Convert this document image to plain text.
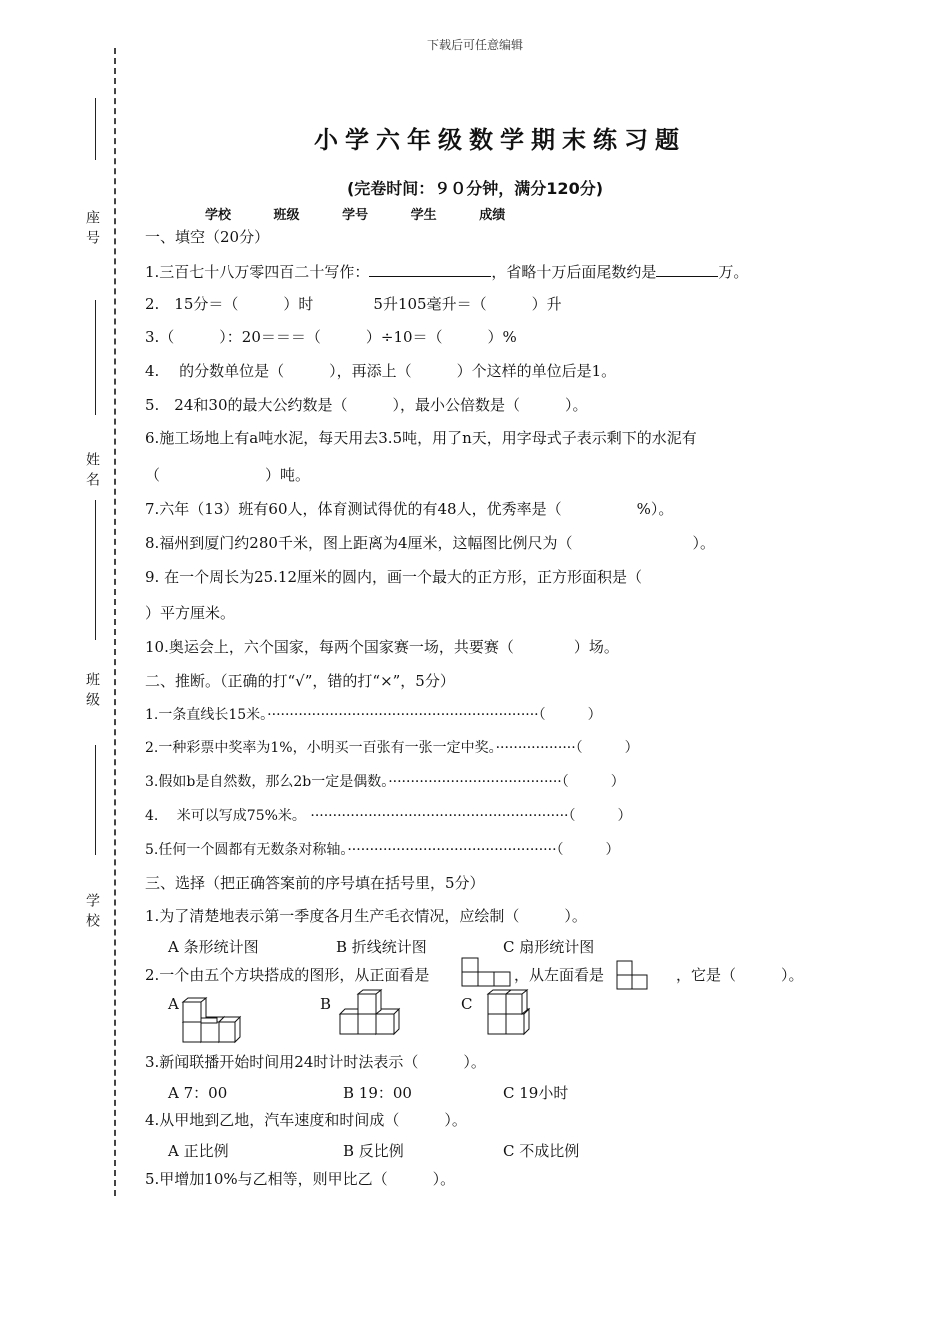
下载后可任意编辑
座号
姓名
班级
学校
小学六年级数学期末练习题
(完卷时间：９０分钟，满分120分)
学校	班级	学号	学生	成绩
一、填空（20分）
1.三百七十八万零四百二十写作：	，省略十万后面尾数约是	万。
2.　15分＝（　　　）时　　　　5升105毫升＝（　　　）升
3.（　　　）：20＝＝＝（　　　）÷10＝（　　　）%
4.　 的分数单位是（　　　），再添上（　　　）个这样的单位后是1。
5.　24和30的最大公约数是（　　　），最小公倍数是（　　　）。
6.施工场地上有a吨水泥，每天用去3.5吨，用了n天，用字母式子表示剩下的水泥有
（　　　　　　　）吨。
7.六年（13）班有60人，体育测试得优的有48人，优秀率是（　　　　　%）。
8.福州到厦门约280千米，图上距离为4厘米，这幅图比例尺为（　　　　　　　　）。
9. 在一个周长为25.12厘米的圆内，画一个最大的正方形，正方形面积是（
）平方厘米。
10.奥运会上，六个国家，每两个国家赛一场，共要赛（　　　　）场。
二、推断。（正确的打“√”，错的打“×”，5分）
1.一条直线长15米。·····························································（　　　）
2.一种彩票中奖率为1%，小明买一百张有一张一定中奖。··················（　　　）
3.假如b是自然数，那么2b一定是偶数。·······································（　　　）
4.　 米可以写成75%米。 ··························································（　　　）
5.任何一个圆都有无数条对称轴。···············································（　　　）
三、选择（把正确答案前的序号填在括号里，5分）
1.为了清楚地表示第一季度各月生产毛衣情况，应绘制（　　　）。
A 条形统计图	B 折线统计图	C 扇形统计图
2.一个由五个方块搭成的图形，从正面看是	，从左面看是	，它是（　　　）。
A	B	C
3.新闻联播开始时间用24时计时法表示（　　　）。
A 7：00	B 19：00	C 19小时
4.从甲地到乙地，汽车速度和时间成（　　　）。
A 正比例	B 反比例	C 不成比例
5.甲增加10%与乙相等，则甲比乙（　　　）。
